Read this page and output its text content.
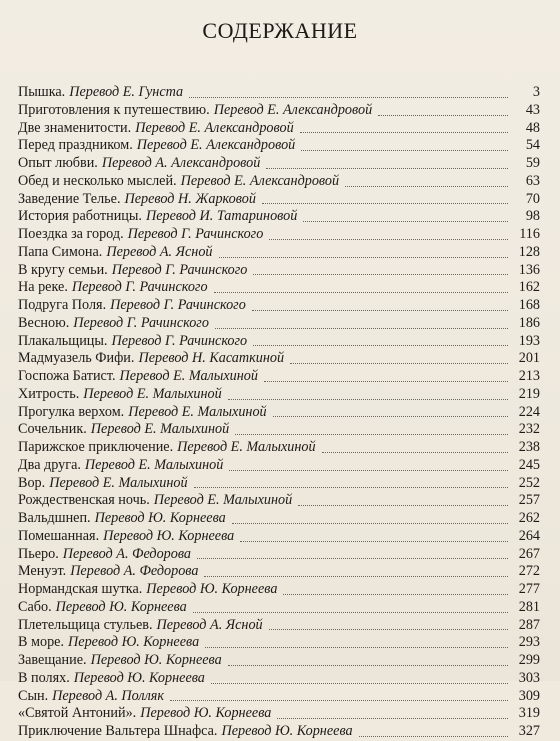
СОДЕРЖАНИЕ
Пышка. Перевод Е. Гунста	3
Приготовления к путешествию. Перевод Е. Александровой	43
Две знаменитости. Перевод Е. Александровой	48
Перед праздником. Перевод Е. Александровой	54
Опыт любви. Перевод А. Александровой	59
Обед и несколько мыслей. Перевод Е. Александровой	63
Заведение Телье. Перевод Н. Жарковой	70
История работницы. Перевод И. Татариновой	98
Поездка за город. Перевод Г. Рачинского	116
Папа Симона. Перевод А. Ясной	128
В кругу семьи. Перевод Г. Рачинского	136
На реке. Перевод Г. Рачинского	162
Подруга Поля. Перевод Г. Рачинского	168
Весною. Перевод Г. Рачинского	186
Плакальщицы. Перевод Г. Рачинского	193
Мадмуазель Фифи. Перевод Н. Касаткиной	201
Госпожа Батист. Перевод Е. Малыхиной	213
Хитрость. Перевод Е. Малыхиной	219
Прогулка верхом. Перевод Е. Малыхиной	224
Сочельник. Перевод Е. Малыхиной	232
Парижское приключение. Перевод Е. Малыхиной	238
Два друга. Перевод Е. Малыхиной	245
Вор. Перевод Е. Малыхиной	252
Рождественская ночь. Перевод Е. Малыхиной	257
Вальдшнеп. Перевод Ю. Корнеева	262
Помешанная. Перевод Ю. Корнеева	264
Пьеро. Перевод А. Федорова	267
Менуэт. Перевод А. Федорова	272
Нормандская шутка. Перевод Ю. Корнеева	277
Сабо. Перевод Ю. Корнеева	281
Плетельщица стульев. Перевод А. Ясной	287
В море. Перевод Ю. Корнеева	293
Завещание. Перевод Ю. Корнеева	299
В полях. Перевод Ю. Корнеева	303
Сын. Перевод А. Полляк	309
«Святой Антоний». Перевод Ю. Корнеева	319
Приключение Вальтера Шнафса. Перевод Ю. Корнеева	327
